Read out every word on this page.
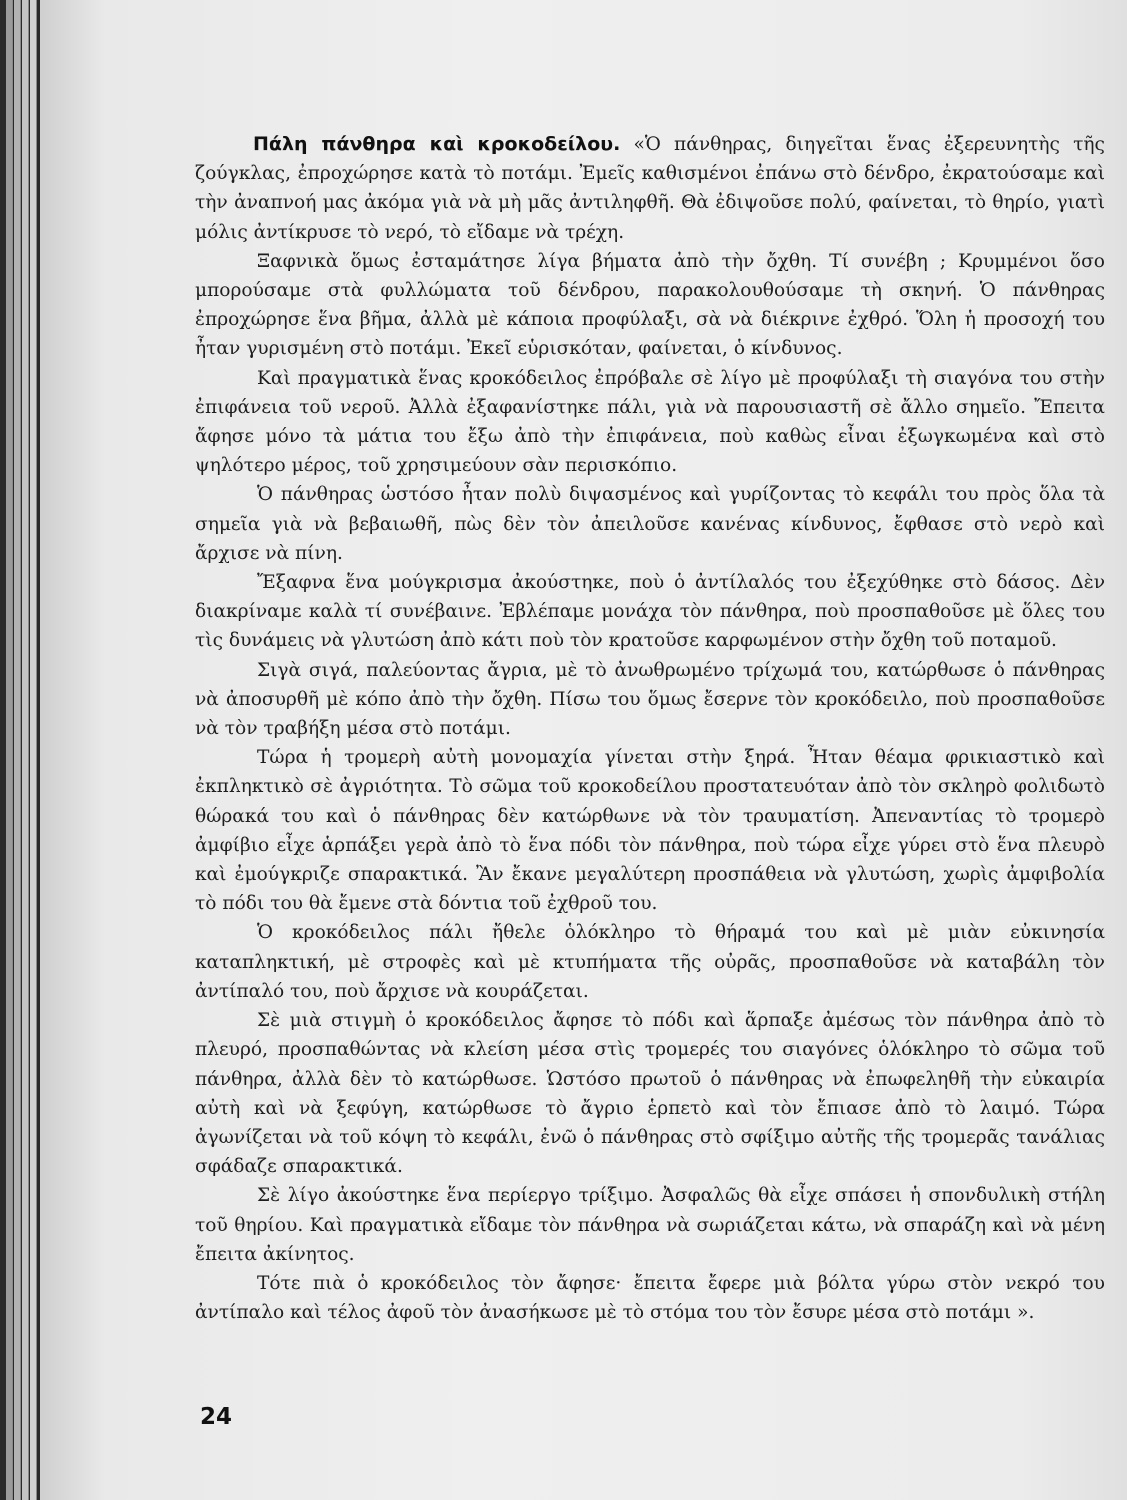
Πάλη πάνθηρα καὶ κροκοδείλου. «Ὁ πάνθηρας, διηγεῖται ἕνας ἐξερευνητὴς τῆς ζούγκλας, ἐπροχώρησε κατὰ τὸ ποτάμι. Ἐμεῖς καθισμένοι ἐπάνω στὸ δένδρο, ἐκρατούσαμε καὶ τὴν ἀναπνοή μας ἀκόμα γιὰ νὰ μὴ μᾶς ἀντιληφθῆ. Θὰ ἐδιψοῦσε πολύ, φαίνεται, τὸ θηρίο, γιατὶ μόλις ἀντίκρυσε τὸ νερό, τὸ εἴδαμε νὰ τρέχη.

Ξαφνικὰ ὅμως ἐσταμάτησε λίγα βήματα ἀπὸ τὴν ὄχθη. Τί συνέβη ; Κρυμμένοι ὅσο μπορούσαμε στὰ φυλλώματα τοῦ δένδρου, παρακολουθούσαμε τὴ σκηνή. Ὁ πάνθηρας ἐπροχώρησε ἕνα βῆμα, ἀλλὰ μὲ κάποια προφύλαξι, σὰ νὰ διέκρινε ἐχθρό. Ὅλη ἡ προσοχή του ἦταν γυρισμένη στὸ ποτάμι. Ἐκεῖ εὑρισκόταν, φαίνεται, ὁ κίνδυνος.

Καὶ πραγματικὰ ἕνας κροκόδειλος ἐπρόβαλε σὲ λίγο μὲ προφύλαξι τὴ σιαγόνα του στὴν ἐπιφάνεια τοῦ νεροῦ. Ἀλλὰ ἐξαφανίστηκε πάλι, γιὰ νὰ παρουσιαστῆ σὲ ἄλλο σημεῖο. Ἔπειτα ἄφησε μόνο τὰ μάτια του ἔξω ἀπὸ τὴν ἐπιφάνεια, ποὺ καθὼς εἶναι ἐξωγκωμένα καὶ στὸ ψηλότερο μέρος, τοῦ χρησιμεύουν σὰν περισκόπιο.

Ὁ πάνθηρας ὡστόσο ἦταν πολὺ διψασμένος καὶ γυρίζοντας τὸ κεφάλι του πρὸς ὅλα τὰ σημεῖα γιὰ νὰ βεβαιωθῆ, πὼς δὲν τὸν ἀπειλοῦσε κανένας κίνδυνος, ἔφθασε στὸ νερὸ καὶ ἄρχισε νὰ πίνη.

Ἔξαφνα ἕνα μούγκρισμα ἀκούστηκε, ποὺ ὁ ἀντίλαλός του ἐξεχύθηκε στὸ δάσος. Δὲν διακρίναμε καλὰ τί συνέβαινε. Ἐβλέπαμε μονάχα τὸν πάνθηρα, ποὺ προσπαθοῦσε μὲ ὅλες του τὶς δυνάμεις νὰ γλυτώση ἀπὸ κάτι ποὺ τὸν κρατοῦσε καρφωμένον στὴν ὄχθη τοῦ ποταμοῦ.

Σιγὰ σιγά, παλεύοντας ἄγρια, μὲ τὸ ἀνωθρωμένο τρίχωμά του, κατώρθωσε ὁ πάνθηρας νὰ ἀποσυρθῆ μὲ κόπο ἀπὸ τὴν ὄχθη. Πίσω του ὅμως ἔσερνε τὸν κροκόδειλο, ποὺ προσπαθοῦσε νὰ τὸν τραβήξη μέσα στὸ ποτάμι.

Τώρα ἡ τρομερὴ αὐτὴ μονομαχία γίνεται στὴν ξηρά. Ἦταν θέαμα φρικιαστικὸ καὶ ἐκπληκτικὸ σὲ ἀγριότητα. Τὸ σῶμα τοῦ κροκοδείλου προστατευόταν ἀπὸ τὸν σκληρὸ φολιδωτὸ θώρακά του καὶ ὁ πάνθηρας δὲν κατώρθωνε νὰ τὸν τραυματίση. Ἀπεναντίας τὸ τρομερὸ ἀμφίβιο εἶχε ἁρπάξει γερὰ ἀπὸ τὸ ἕνα πόδι τὸν πάνθηρα, ποὺ τώρα εἶχε γύρει στὸ ἕνα πλευρὸ καὶ ἐμούγκριζε σπαρακτικά. Ἂν ἔκανε μεγαλύτερη προσπάθεια νὰ γλυτώση, χωρὶς ἀμφιβολία τὸ πόδι του θὰ ἔμενε στὰ δόντια τοῦ ἐχθροῦ του.

Ὁ κροκόδειλος πάλι ἤθελε ὁλόκληρο τὸ θήραμά του καὶ μὲ μιὰν εὐκινησία καταπληκτική, μὲ στροφὲς καὶ μὲ κτυπήματα τῆς οὐρᾶς, προσπαθοῦσε νὰ καταβάλη τὸν ἀντίπαλό του, ποὺ ἄρχισε νὰ κουράζεται.

Σὲ μιὰ στιγμὴ ὁ κροκόδειλος ἄφησε τὸ πόδι καὶ ἅρπαξε ἀμέσως τὸν πάνθηρα ἀπὸ τὸ πλευρό, προσπαθώντας νὰ κλείση μέσα στὶς τρομερές του σιαγόνες ὁλόκληρο τὸ σῶμα τοῦ πάνθηρα, ἀλλὰ δὲν τὸ κατώρθωσε. Ὡστόσο πρωτοῦ ὁ πάνθηρας νὰ ἐπωφεληθῆ τὴν εὐκαιρία αὐτὴ καὶ νὰ ξεφύγη, κατώρθωσε τὸ ἄγριο ἑρπετὸ καὶ τὸν ἔπιασε ἀπὸ τὸ λαιμό. Τώρα ἀγωνίζεται νὰ τοῦ κόψη τὸ κεφάλι, ἐνῶ ὁ πάνθηρας στὸ σφίξιμο αὐτῆς τῆς τρομερᾶς τανάλιας σφάδαζε σπαρακτικά.

Σὲ λίγο ἀκούστηκε ἕνα περίεργο τρίξιμο. Ἀσφαλῶς θὰ εἶχε σπάσει ἡ σπονδυλικὴ στήλη τοῦ θηρίου. Καὶ πραγματικὰ εἴδαμε τὸν πάνθηρα νὰ σωριάζεται κάτω, νὰ σπαράζη καὶ νὰ μένη ἔπειτα ἀκίνητος.

Τότε πιὰ ὁ κροκόδειλος τὸν ἄφησε· ἔπειτα ἔφερε μιὰ βόλτα γύρω στὸν νεκρό του ἀντίπαλο καὶ τέλος ἀφοῦ τὸν ἀνασήκωσε μὲ τὸ στόμα του τὸν ἔσυρε μέσα στὸ ποτάμι ».

24
